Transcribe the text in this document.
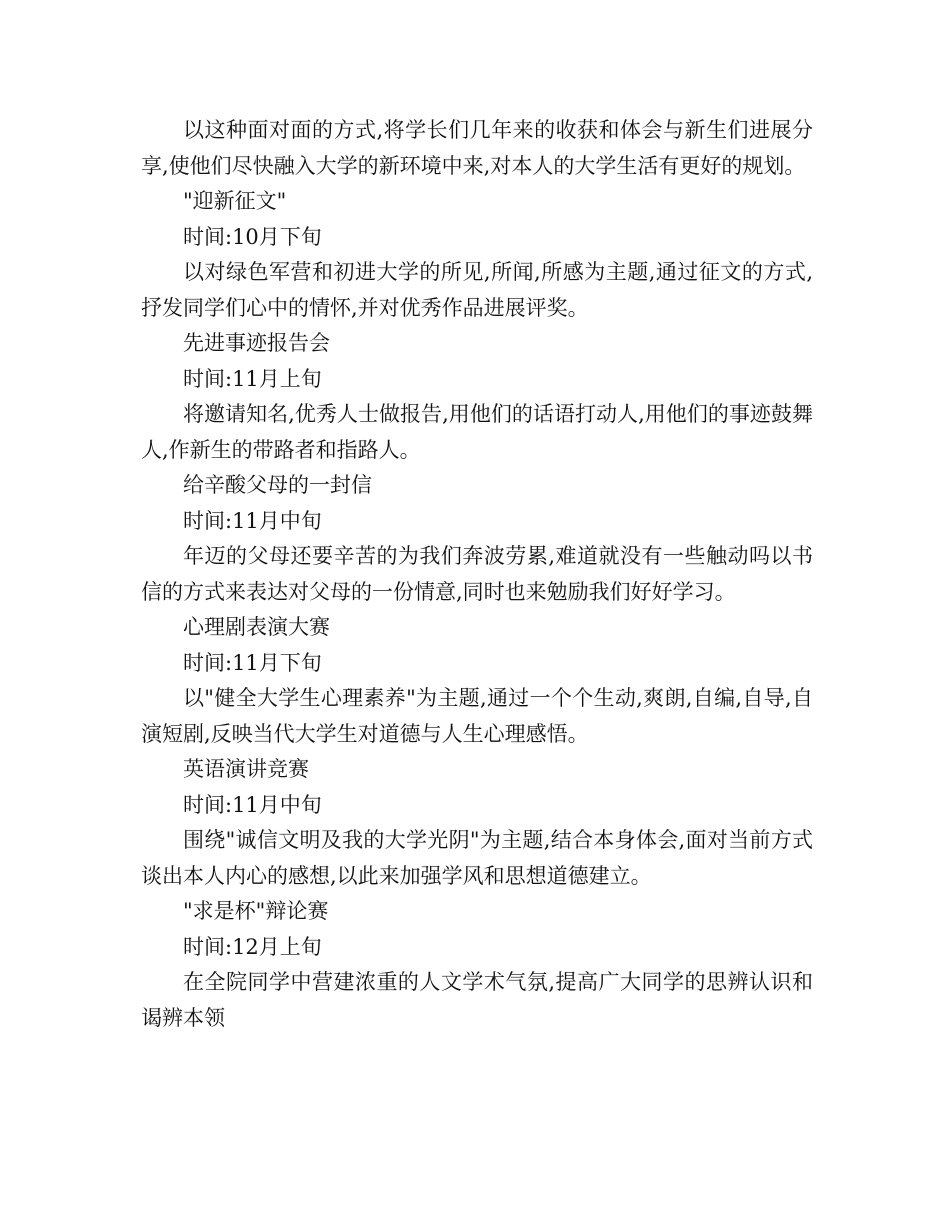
以这种面对面的方式,将学长们几年来的收获和体会与新生们进展分享,使他们尽快融入大学的新环境中来,对本人的大学生活有更好的规划。

"迎新征文"

时间:10月下旬

以对绿色军营和初进大学的所见,所闻,所感为主题,通过征文的方式,抒发同学们心中的情怀,并对优秀作品进展评奖。

先进事迹报告会

时间:11月上旬

将邀请知名,优秀人士做报告,用他们的话语打动人,用他们的事迹鼓舞人,作新生的带路者和指路人。

给辛酸父母的一封信

时间:11月中旬

年迈的父母还要辛苦的为我们奔波劳累,难道就没有一些触动吗以书信的方式来表达对父母的一份情意,同时也来勉励我们好好学习。

心理剧表演大赛

时间:11月下旬

以"健全大学生心理素养"为主题,通过一个个生动,爽朗,自编,自导,自演短剧,反映当代大学生对道德与人生心理感悟。

英语演讲竞赛

时间:11月中旬

围绕"诚信文明及我的大学光阴"为主题,结合本身体会,面对当前方式谈出本人内心的感想,以此来加强学风和思想道德建立。

"求是杯"辩论赛

时间:12月上旬

在全院同学中营建浓重的人文学术气氛,提高广大同学的思辨认识和谒辨本领
